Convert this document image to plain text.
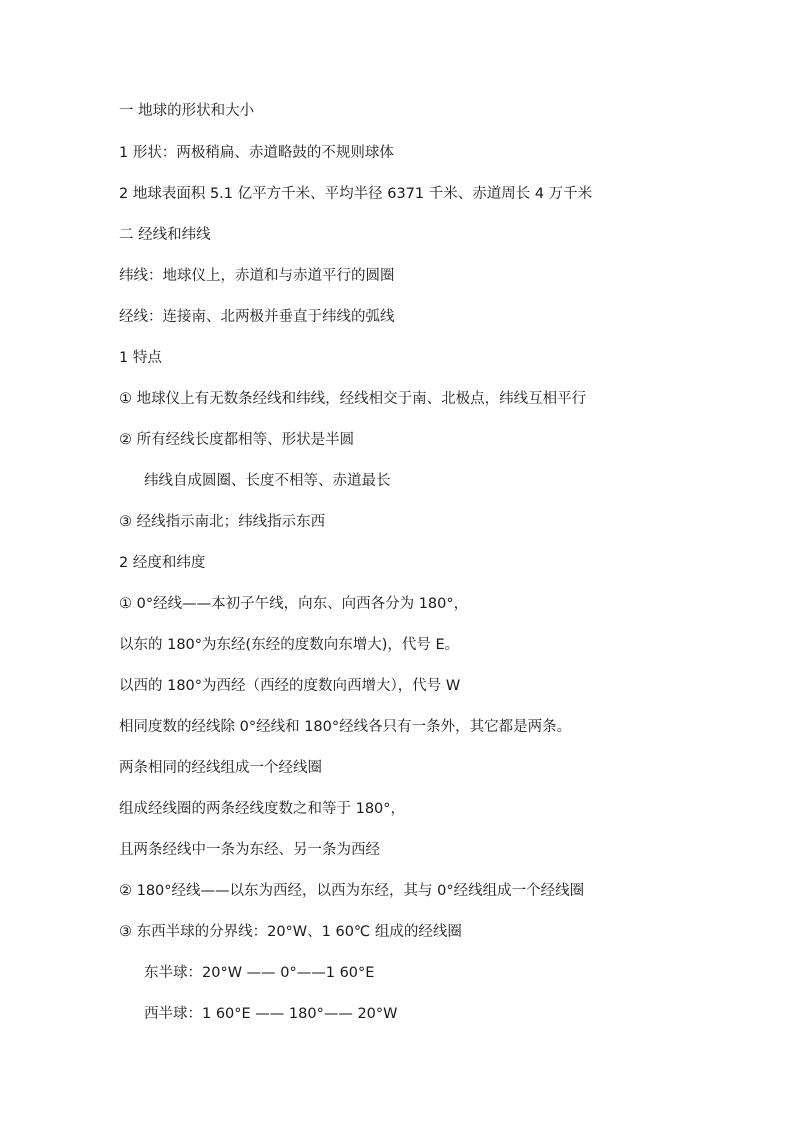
一 地球的形状和大小
1 形状：两极稍扁、赤道略鼓的不规则球体
2 地球表面积 5.1 亿平方千米、平均半径 6371 千米、赤道周长 4 万千米
二 经线和纬线
纬线：地球仪上，赤道和与赤道平行的圆圈
经线：连接南、北两极并垂直于纬线的弧线
1 特点
① 地球仪上有无数条经线和纬线，经线相交于南、北极点，纬线互相平行
② 所有经线长度都相等、形状是半圆
纬线自成圆圈、长度不相等、赤道最长
③ 经线指示南北；纬线指示东西
2 经度和纬度
① 0°经线——本初子午线，向东、向西各分为 180°，
以东的 180°为东经(东经的度数向东增大)，代号 E。
以西的 180°为西经（西经的度数向西增大），代号 W
相同度数的经线除 0°经线和 180°经线各只有一条外，其它都是两条。
两条相同的经线组成一个经线圈
组成经线圈的两条经线度数之和等于 180°，
且两条经线中一条为东经、另一条为西经
② 180°经线——以东为西经，以西为东经，其与 0°经线组成一个经线圈
③ 东西半球的分界线：20°W、1 60℃ 组成的经线圈
东半球：20°W —— 0°——1 60°E
西半球：1 60°E —— 180°—— 20°W
